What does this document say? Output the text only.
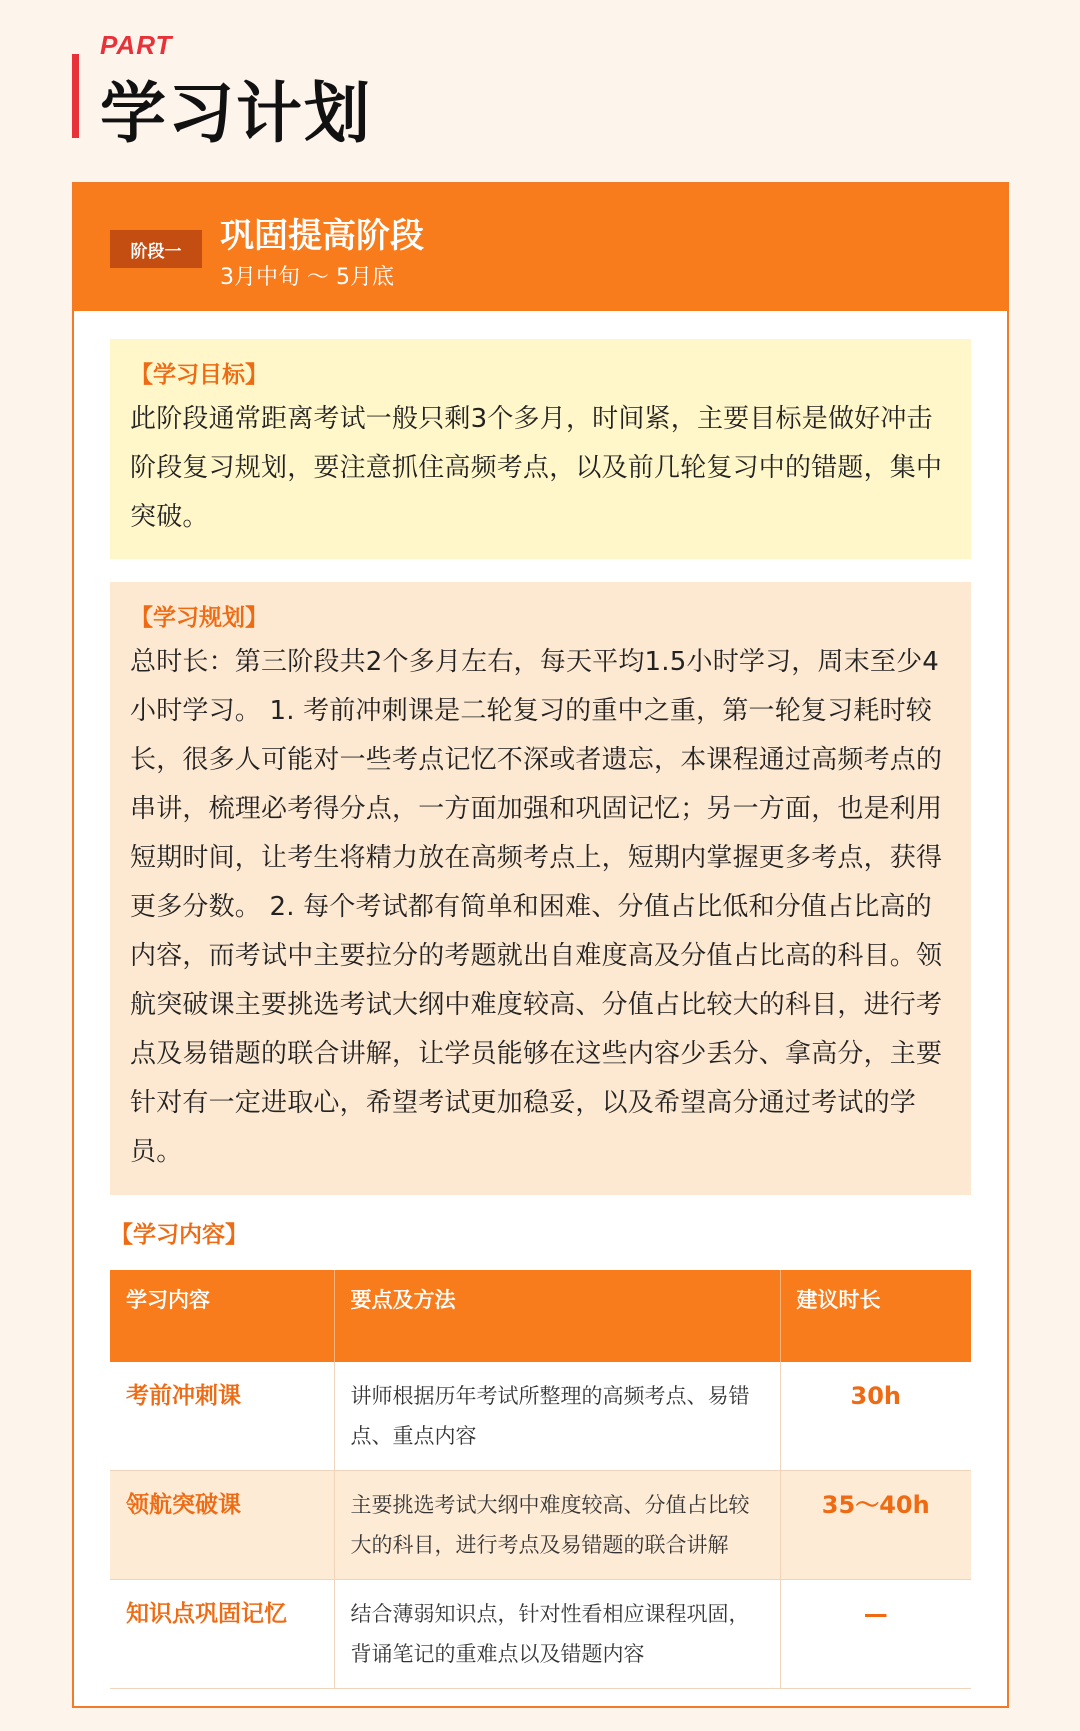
PART
学习计划
阶段一	巩固提高阶段
3月中旬 ～ 5月底
【学习目标】
此阶段通常距离考试一般只剩3个多月，时间紧，主要目标是做好冲击阶段复习规划，要注意抓住高频考点，以及前几轮复习中的错题，集中突破。
【学习规划】
总时长：第三阶段共2个多月左右，每天平均1.5小时学习，周末至少4小时学习。 1. 考前冲刺课是二轮复习的重中之重，第一轮复习耗时较长，很多人可能对一些考点记忆不深或者遗忘，本课程通过高频考点的串讲，梳理必考得分点，一方面加强和巩固记忆；另一方面，也是利用短期时间，让考生将精力放在高频考点上，短期内掌握更多考点，获得更多分数。 2. 每个考试都有简单和困难、分值占比低和分值占比高的内容，而考试中主要拉分的考题就出自难度高及分值占比高的科目。领航突破课主要挑选考试大纲中难度较高、分值占比较大的科目，进行考点及易错题的联合讲解，让学员能够在这些内容少丢分、拿高分，主要针对有一定进取心，希望考试更加稳妥，以及希望高分通过考试的学员。
【学习内容】
学习内容	要点及方法	建议时长
考前冲刺课	讲师根据历年考试所整理的高频考点、易错点、重点内容	30h
领航突破课	主要挑选考试大纲中难度较高、分值占比较大的科目，进行考点及易错题的联合讲解	35～40h
知识点巩固记忆	结合薄弱知识点，针对性看相应课程巩固，背诵笔记的重难点以及错题内容	—
